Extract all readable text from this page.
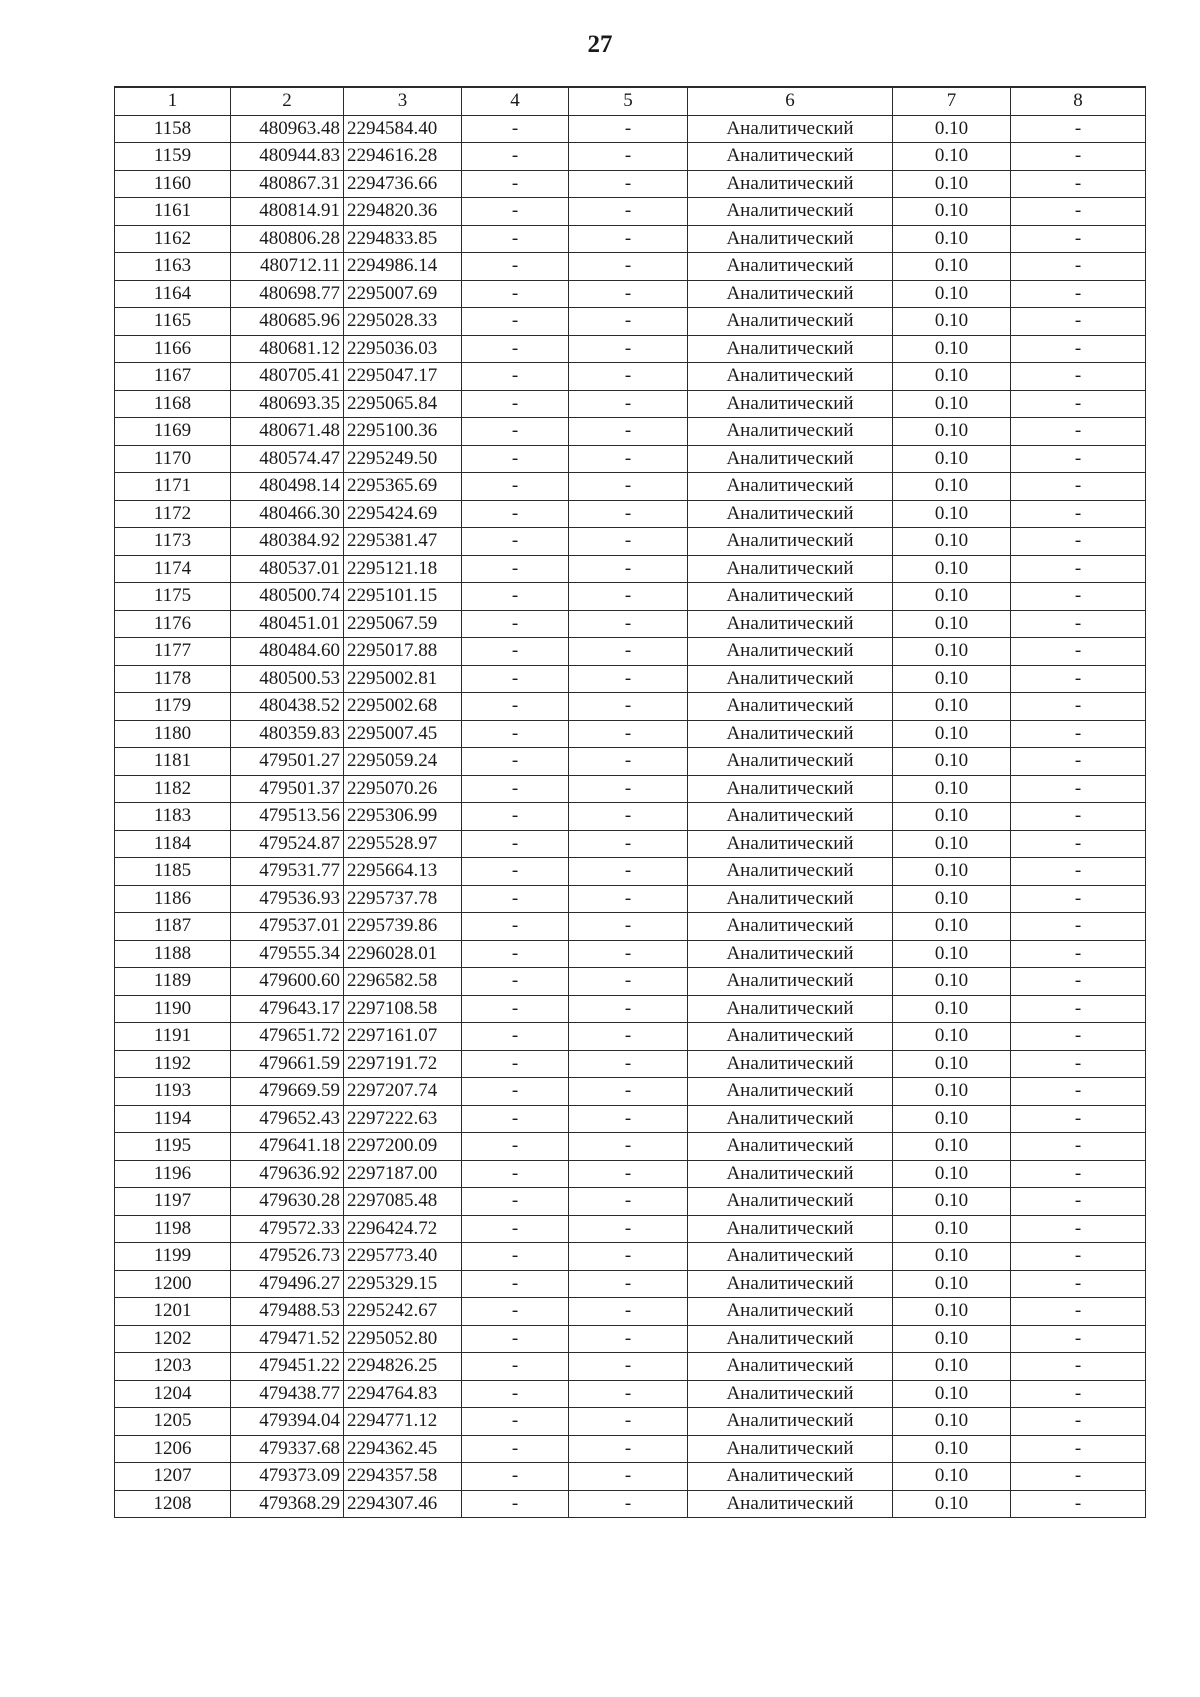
27
1	2	3	4	5	6	7	8
1158	480963.48	2294584.40	-	-	Аналитический	0.10	-
1159	480944.83	2294616.28	-	-	Аналитический	0.10	-
1160	480867.31	2294736.66	-	-	Аналитический	0.10	-
1161	480814.91	2294820.36	-	-	Аналитический	0.10	-
1162	480806.28	2294833.85	-	-	Аналитический	0.10	-
1163	480712.11	2294986.14	-	-	Аналитический	0.10	-
1164	480698.77	2295007.69	-	-	Аналитический	0.10	-
1165	480685.96	2295028.33	-	-	Аналитический	0.10	-
1166	480681.12	2295036.03	-	-	Аналитический	0.10	-
1167	480705.41	2295047.17	-	-	Аналитический	0.10	-
1168	480693.35	2295065.84	-	-	Аналитический	0.10	-
1169	480671.48	2295100.36	-	-	Аналитический	0.10	-
1170	480574.47	2295249.50	-	-	Аналитический	0.10	-
1171	480498.14	2295365.69	-	-	Аналитический	0.10	-
1172	480466.30	2295424.69	-	-	Аналитический	0.10	-
1173	480384.92	2295381.47	-	-	Аналитический	0.10	-
1174	480537.01	2295121.18	-	-	Аналитический	0.10	-
1175	480500.74	2295101.15	-	-	Аналитический	0.10	-
1176	480451.01	2295067.59	-	-	Аналитический	0.10	-
1177	480484.60	2295017.88	-	-	Аналитический	0.10	-
1178	480500.53	2295002.81	-	-	Аналитический	0.10	-
1179	480438.52	2295002.68	-	-	Аналитический	0.10	-
1180	480359.83	2295007.45	-	-	Аналитический	0.10	-
1181	479501.27	2295059.24	-	-	Аналитический	0.10	-
1182	479501.37	2295070.26	-	-	Аналитический	0.10	-
1183	479513.56	2295306.99	-	-	Аналитический	0.10	-
1184	479524.87	2295528.97	-	-	Аналитический	0.10	-
1185	479531.77	2295664.13	-	-	Аналитический	0.10	-
1186	479536.93	2295737.78	-	-	Аналитический	0.10	-
1187	479537.01	2295739.86	-	-	Аналитический	0.10	-
1188	479555.34	2296028.01	-	-	Аналитический	0.10	-
1189	479600.60	2296582.58	-	-	Аналитический	0.10	-
1190	479643.17	2297108.58	-	-	Аналитический	0.10	-
1191	479651.72	2297161.07	-	-	Аналитический	0.10	-
1192	479661.59	2297191.72	-	-	Аналитический	0.10	-
1193	479669.59	2297207.74	-	-	Аналитический	0.10	-
1194	479652.43	2297222.63	-	-	Аналитический	0.10	-
1195	479641.18	2297200.09	-	-	Аналитический	0.10	-
1196	479636.92	2297187.00	-	-	Аналитический	0.10	-
1197	479630.28	2297085.48	-	-	Аналитический	0.10	-
1198	479572.33	2296424.72	-	-	Аналитический	0.10	-
1199	479526.73	2295773.40	-	-	Аналитический	0.10	-
1200	479496.27	2295329.15	-	-	Аналитический	0.10	-
1201	479488.53	2295242.67	-	-	Аналитический	0.10	-
1202	479471.52	2295052.80	-	-	Аналитический	0.10	-
1203	479451.22	2294826.25	-	-	Аналитический	0.10	-
1204	479438.77	2294764.83	-	-	Аналитический	0.10	-
1205	479394.04	2294771.12	-	-	Аналитический	0.10	-
1206	479337.68	2294362.45	-	-	Аналитический	0.10	-
1207	479373.09	2294357.58	-	-	Аналитический	0.10	-
1208	479368.29	2294307.46	-	-	Аналитический	0.10	-
